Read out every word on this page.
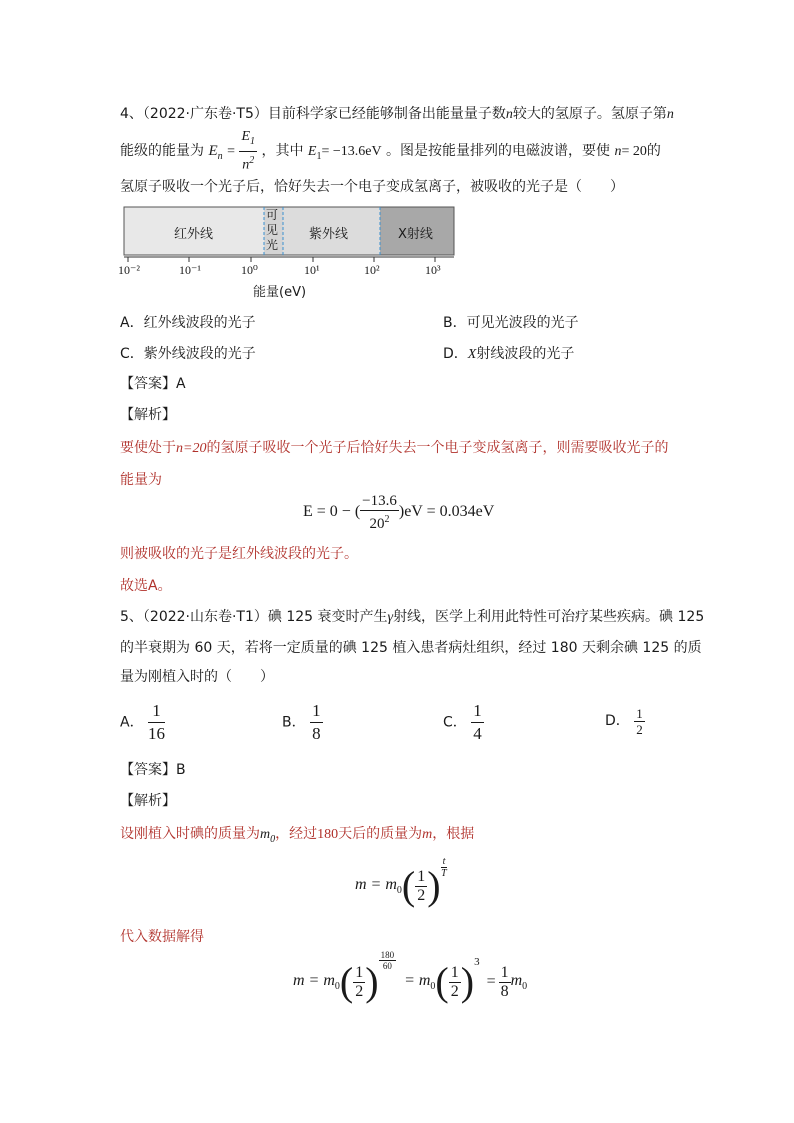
4、（2022·广东卷·T5）目前科学家已经能够制备出能量量子数n较大的氢原子。氢原子第n
能级的能量为 $E_n = \frac{E_1}{n^2}$ ，其中 $E_1= -13.6eV$ 。图是按能量排列的电磁波谱，要使 n= 20的
氢原子吸收一个光子后，恰好失去一个电子变成氢离子，被吸收的光子是（　　）
红外线
可
见
光
紫外线	X射线
10⁻²	10⁻¹	10⁰	10¹	10²	10³
能量(eV)
A．红外线波段的光子	B．可见光波段的光子
C．紫外线波段的光子	D．X射线波段的光子
【答案】A
【解析】
要使处于n=20的氢原子吸收一个光子后恰好失去一个电子变成氢离子，则需要吸收光子的
能量为
E = 0 − ( $\frac{-13.6}{20^2} )eV = 0.034eV$
则被吸收的光子是红外线波段的光子。
故选A。
5、（2022·山东卷·T1）碘 125 衰变时产生γ射线，医学上利用此特性可治疗某些疾病。碘 125
的半衰期为 60 天，若将一定质量的碘 125 植入患者病灶组织，经过 180 天剩余碘 125 的质
量为刚植入时的（　　）
A． $\frac{1}{16}$	B． $\frac{1}{8}$	C． $\frac{1}{4}$	D． $\frac{1}{2}$
【答案】B
【解析】
设刚植入时碘的质量为$m_0$，经过180天后的质量为m，根据
$m = m_0( \frac{1}{2}$ ) $\frac{t}{T}$
代入数据解得
$m = m_0( \frac{1}{2}$ ) $\frac{180}{60}$
= $m_0( \frac{1}{2} )^3 = \frac{1}{8} m_0$
